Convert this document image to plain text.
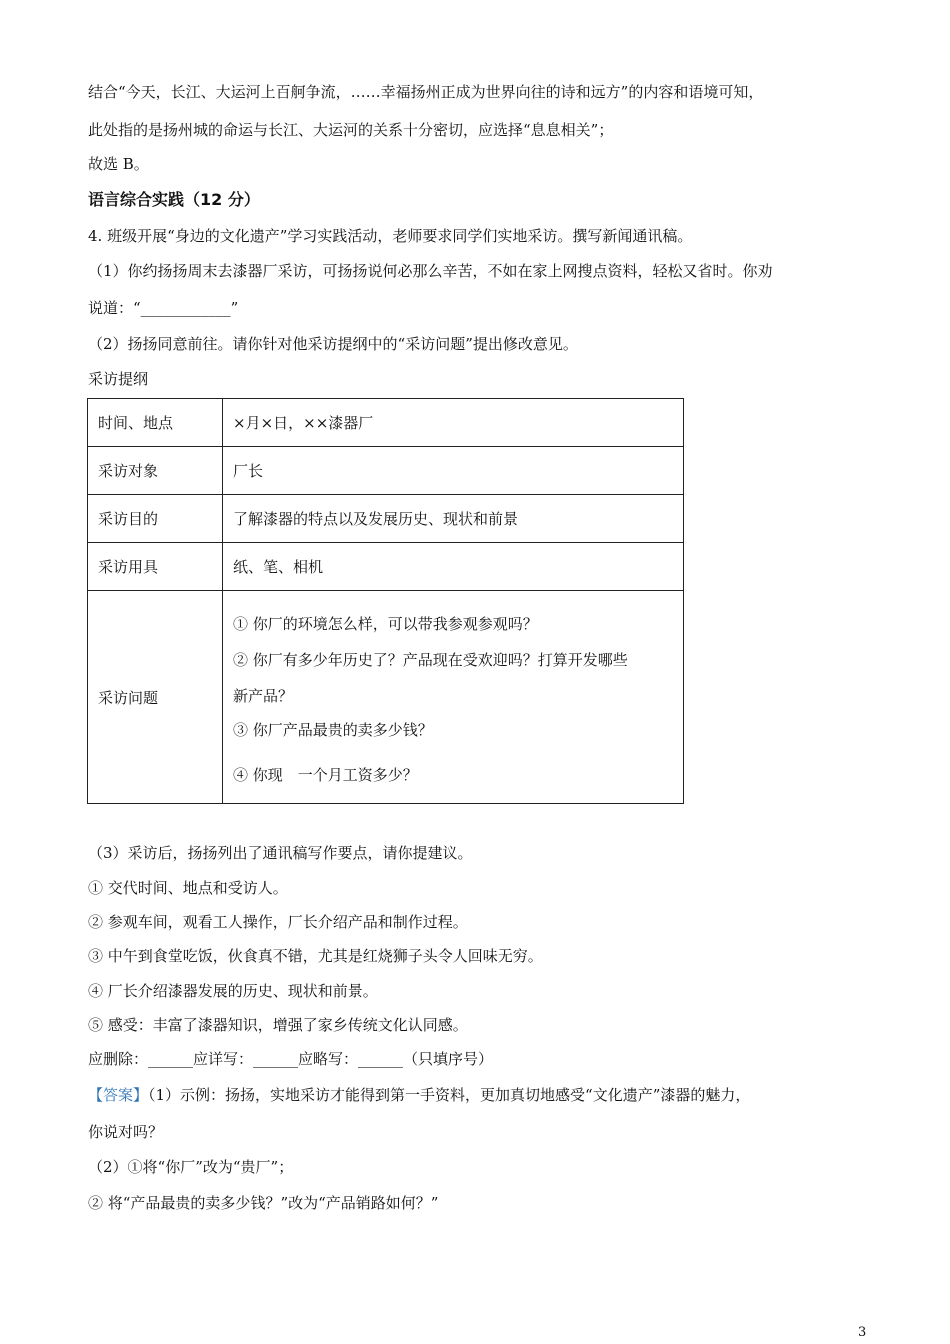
结合“今天，长江、大运河上百舸争流，……幸福扬州正成为世界向往的诗和远方”的内容和语境可知，
此处指的是扬州城的命运与长江、大运河的关系十分密切，应选择“息息相关”；
故选 B。
语言综合实践（12 分）
4. 班级开展“身边的文化遗产”学习实践活动，老师要求同学们实地采访。撰写新闻通讯稿。
（1）你约扬扬周末去漆器厂采访，可扬扬说何必那么辛苦，不如在家上网搜点资料，轻松又省时。你劝
说道：“____________”
（2）扬扬同意前往。请你针对他采访提纲中的“采访问题”提出修改意见。
采访提纲
时间、地点	×月×日，××漆器厂
采访对象	厂长
采访目的	了解漆器的特点以及发展历史、现状和前景
采访用具	纸、笔、相机
采访问题	① 你厂的环境怎么样，可以带我参观参观吗？

② 你厂有多少年历史了？产品现在受欢迎吗？打算开发哪些

新产品？

③ 你厂产品最贵的卖多少钱？

④ 你现　一个月工资多少？

（3）采访后，扬扬列出了通讯稿写作要点，请你提建议。
① 交代时间、地点和受访人。
② 参观车间，观看工人操作，厂长介绍产品和制作过程。
③ 中午到食堂吃饭，伙食真不错，尤其是红烧狮子头令人回味无穷。
④ 厂长介绍漆器发展的历史、现状和前景。
⑤ 感受：丰富了漆器知识，增强了家乡传统文化认同感。
应删除：______应详写：______应略写：______（只填序号）
【答案】（1）示例：扬扬，实地采访才能得到第一手资料，更加真切地感受“文化遗产”漆器的魅力，
你说对吗？
（2）①将“你厂”改为“贵厂”；
② 将“产品最贵的卖多少钱？”改为“产品销路如何？”
3
